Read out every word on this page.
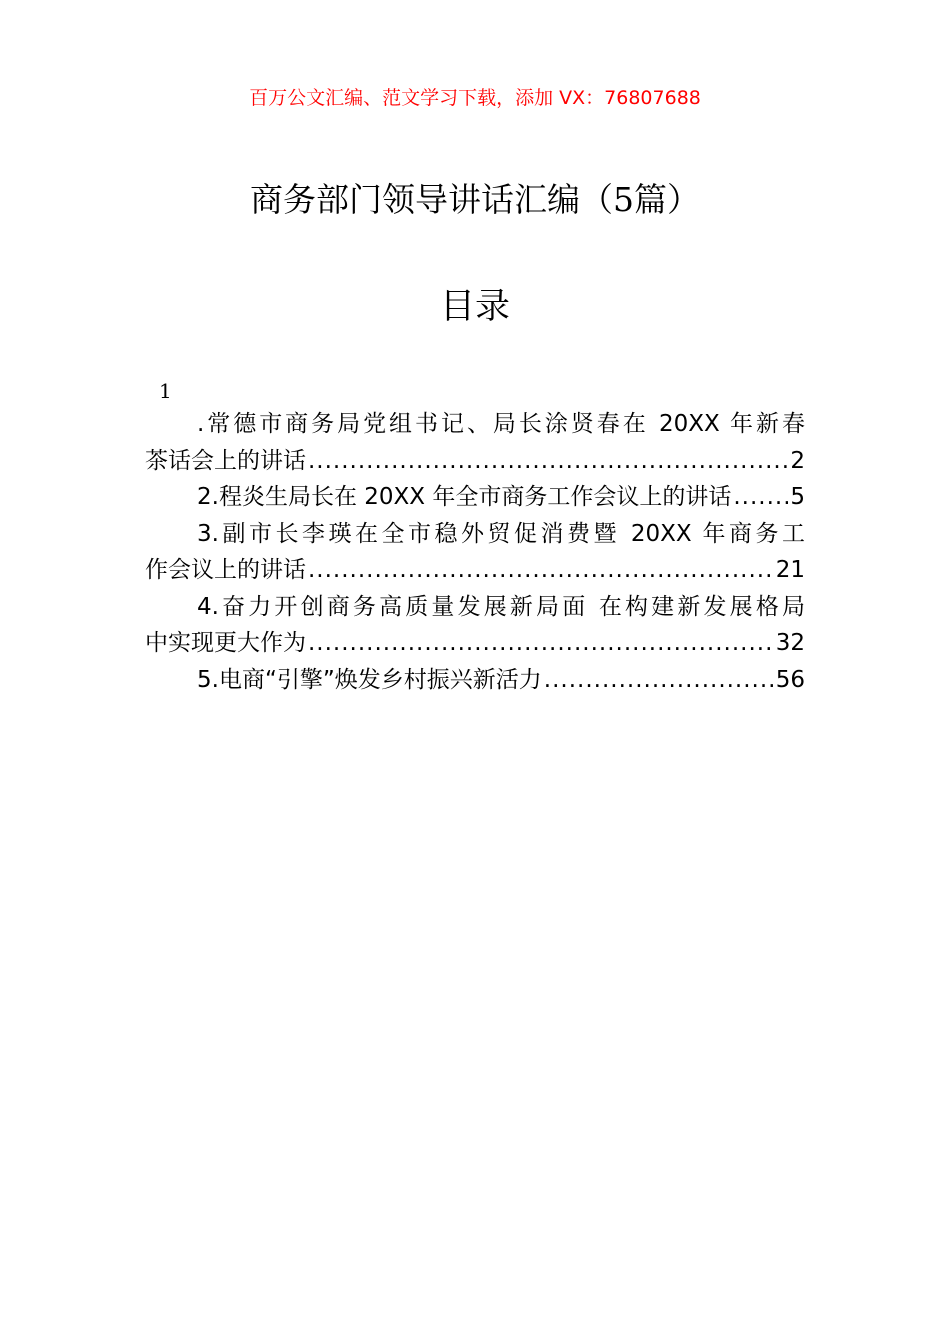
百万公文汇编、范文学习下载，添加 VX：76807688
商务部门领导讲话汇编（5篇）
目录
1
.常德市商务局党组书记、局长涂贤春在 20XX 年新春
茶话会上的讲话 .....	2
2.程炎生局长在 20XX 年全市商务工作会议上的讲话 .....	5
3.副市长李瑛在全市稳外贸促消费暨 20XX 年商务工
作会议上的讲话 .....	21
4.奋力开创商务高质量发展新局面 在构建新发展格局
中实现更大作为 .....	32
5.电商“引擎”焕发乡村振兴新活力 .....	56
